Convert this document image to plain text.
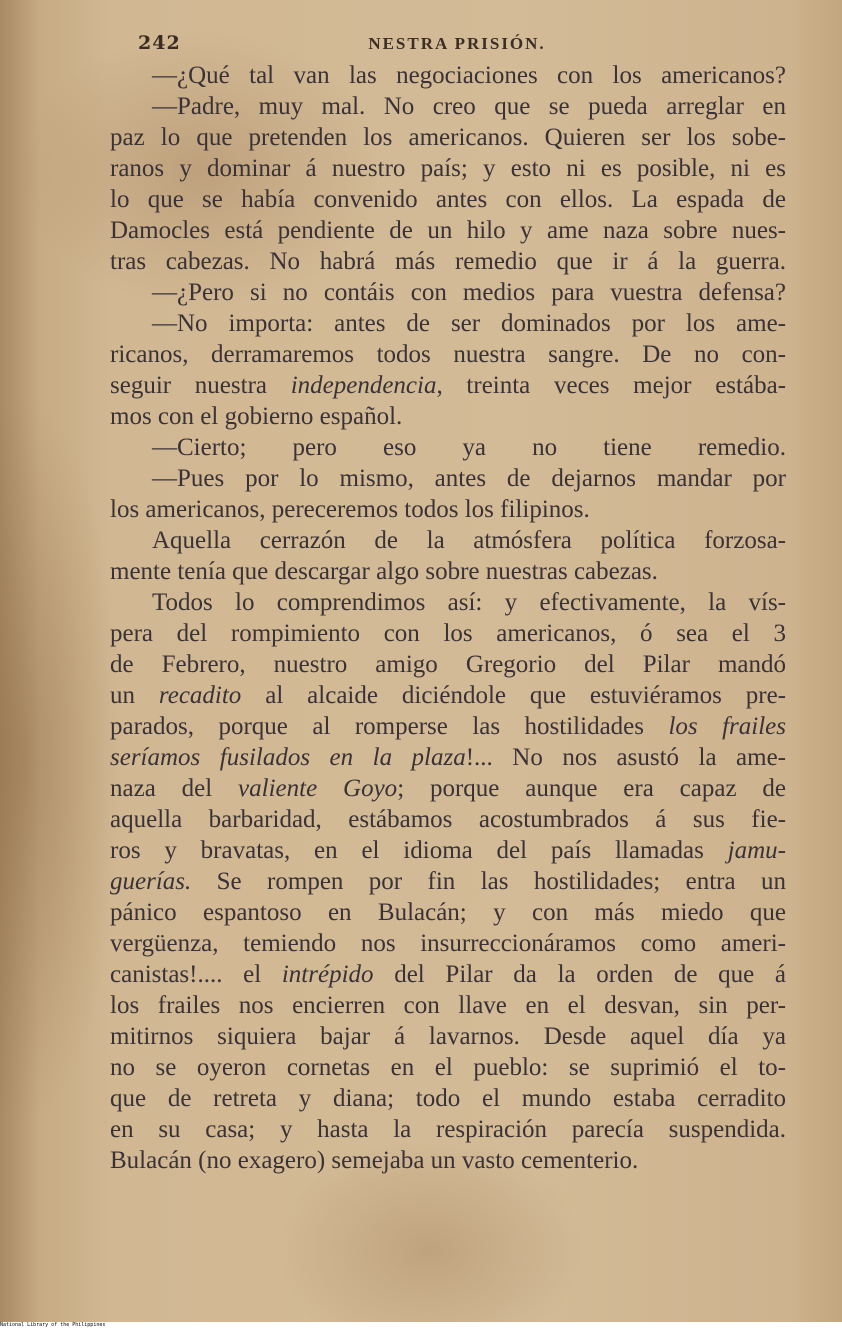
242	NESTRA PRISIÓN.
—¿Qué tal van las negociaciones con los americanos?
—Padre, muy mal. No creo que se pueda arreglar en
paz lo que pretenden los americanos. Quieren ser los sobe-
ranos y dominar á nuestro país; y esto ni es posible, ni es
lo que se había convenido antes con ellos. La espada de
Damocles está pendiente de un hilo y ame naza sobre nues-
tras cabezas. No habrá más remedio que ir á la guerra.
—¿Pero si no contáis con medios para vuestra defensa?
—No importa: antes de ser dominados por los ame-
ricanos, derramaremos todos nuestra sangre. De no con-
seguir nuestra independencia, treinta veces mejor estába-
mos con el gobierno español.
—Cierto; pero eso ya no tiene remedio.
—Pues por lo mismo, antes de dejarnos mandar por
los americanos, pereceremos todos los filipinos.
Aquella cerrazón de la atmósfera política forzosa-
mente tenía que descargar algo sobre nuestras cabezas.
Todos lo comprendimos así: y efectivamente, la vís-
pera del rompimiento con los americanos, ó sea el 3
de Febrero, nuestro amigo Gregorio del Pilar mandó
un recadito al alcaide diciéndole que estuviéramos pre-
parados, porque al romperse las hostilidades los frailes
seríamos fusilados en la plaza!... No nos asustó la ame-
naza del valiente Goyo; porque aunque era capaz de
aquella barbaridad, estábamos acostumbrados á sus fie-
ros y bravatas, en el idioma del país llamadas jamu-
guerías. Se rompen por fin las hostilidades; entra un
pánico espantoso en Bulacán; y con más miedo que
vergüenza, temiendo nos insurreccionáramos como ameri-
canistas!.... el intrépido del Pilar da la orden de que á
los frailes nos encierren con llave en el desvan, sin per-
mitirnos siquiera bajar á lavarnos. Desde aquel día ya
no se oyeron cornetas en el pueblo: se suprimió el to-
que de retreta y diana; todo el mundo estaba cerradito
en su casa; y hasta la respiración parecía suspendida.
Bulacán (no exagero) semejaba un vasto cementerio.
National Library of the Philippines
